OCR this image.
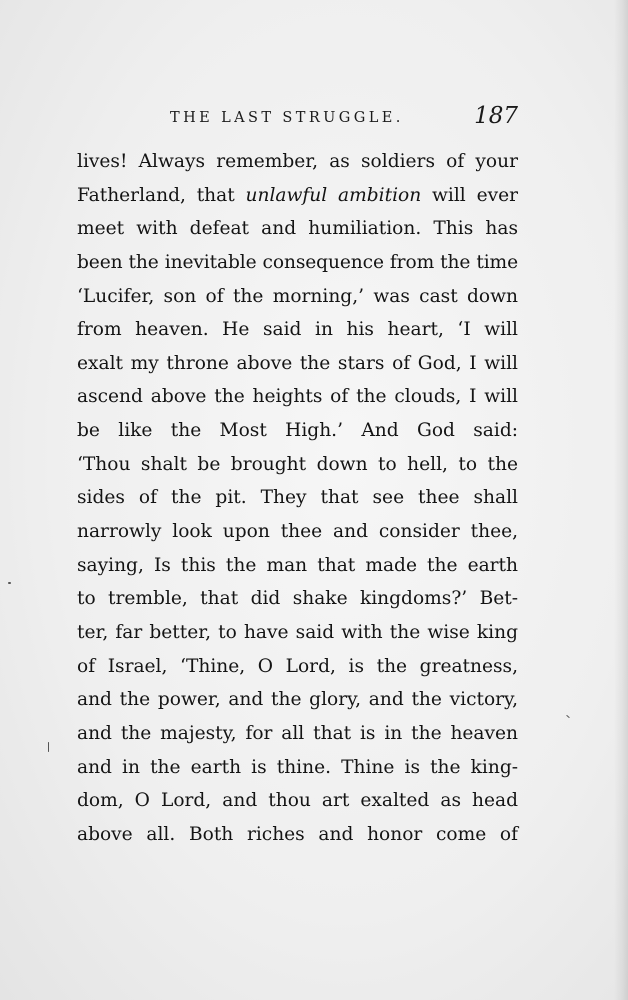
THE LAST STRUGGLE.	187
lives! Always remember, as soldiers of your
Fatherland, that unlawful ambition will ever
meet with defeat and humiliation. This has
been the inevitable consequence from the time
‘Lucifer, son of the morning,’ was cast down
from heaven. He said in his heart, ‘I will
exalt my throne above the stars of God, I will
ascend above the heights of the clouds, I will
be like the Most High.’ And God said:
‘Thou shalt be brought down to hell, to the
sides of the pit. They that see thee shall
narrowly look upon thee and consider thee,
saying, Is this the man that made the earth
to tremble, that did shake kingdoms?’ Bet-
ter, far better, to have said with the wise king
of Israel, ‘Thine, O Lord, is the greatness,
and the power, and the glory, and the victory,
and the majesty, for all that is in the heaven
and in the earth is thine. Thine is the king-
dom, O Lord, and thou art exalted as head
above all. Both riches and honor come of
